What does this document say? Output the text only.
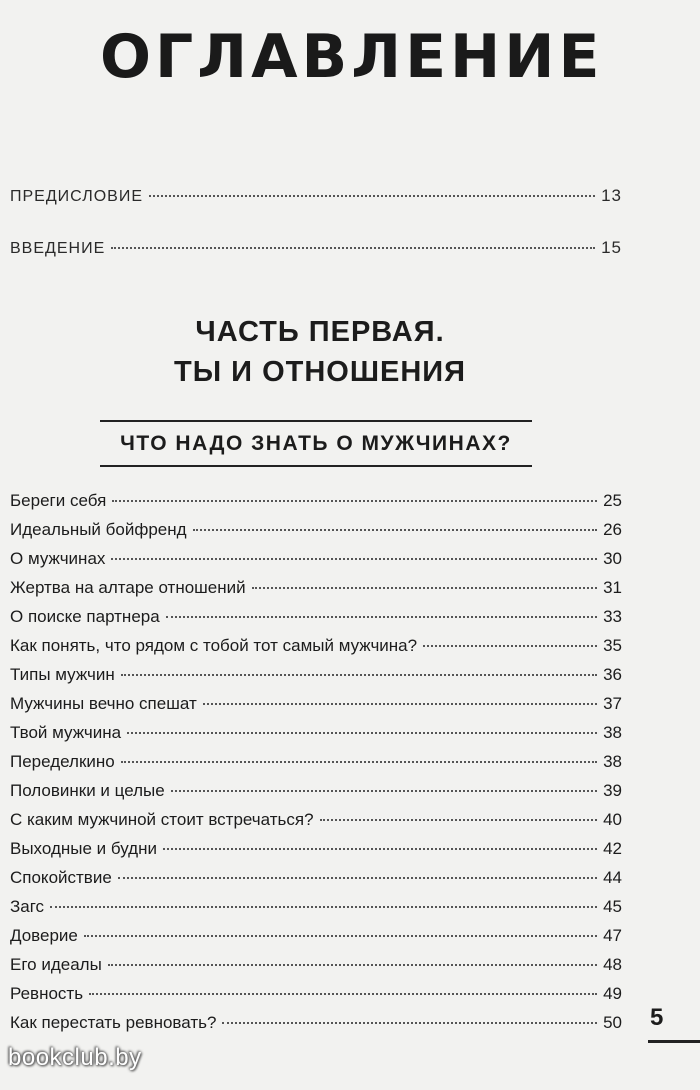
ОГЛАВЛЕНИЕ
ПРЕДИСЛОВИЕ	13
ВВЕДЕНИЕ	15
ЧАСТЬ ПЕРВАЯ.
ТЫ И ОТНОШЕНИЯ
ЧТО НАДО ЗНАТЬ О МУЖЧИНАХ?
Береги себя	25
Идеальный бойфренд	26
О мужчинах	30
Жертва на алтаре отношений	31
О поиске партнера	33
Как понять, что рядом с тобой тот самый мужчина?	35
Типы мужчин	36
Мужчины вечно спешат	37
Твой мужчина	38
Переделкино	38
Половинки и целые	39
С каким мужчиной стоит встречаться?	40
Выходные и будни	42
Спокойствие	44
Загс	45
Доверие	47
Его идеалы	48
Ревность	49
Как перестать ревновать?	50 5
bookclub.by
